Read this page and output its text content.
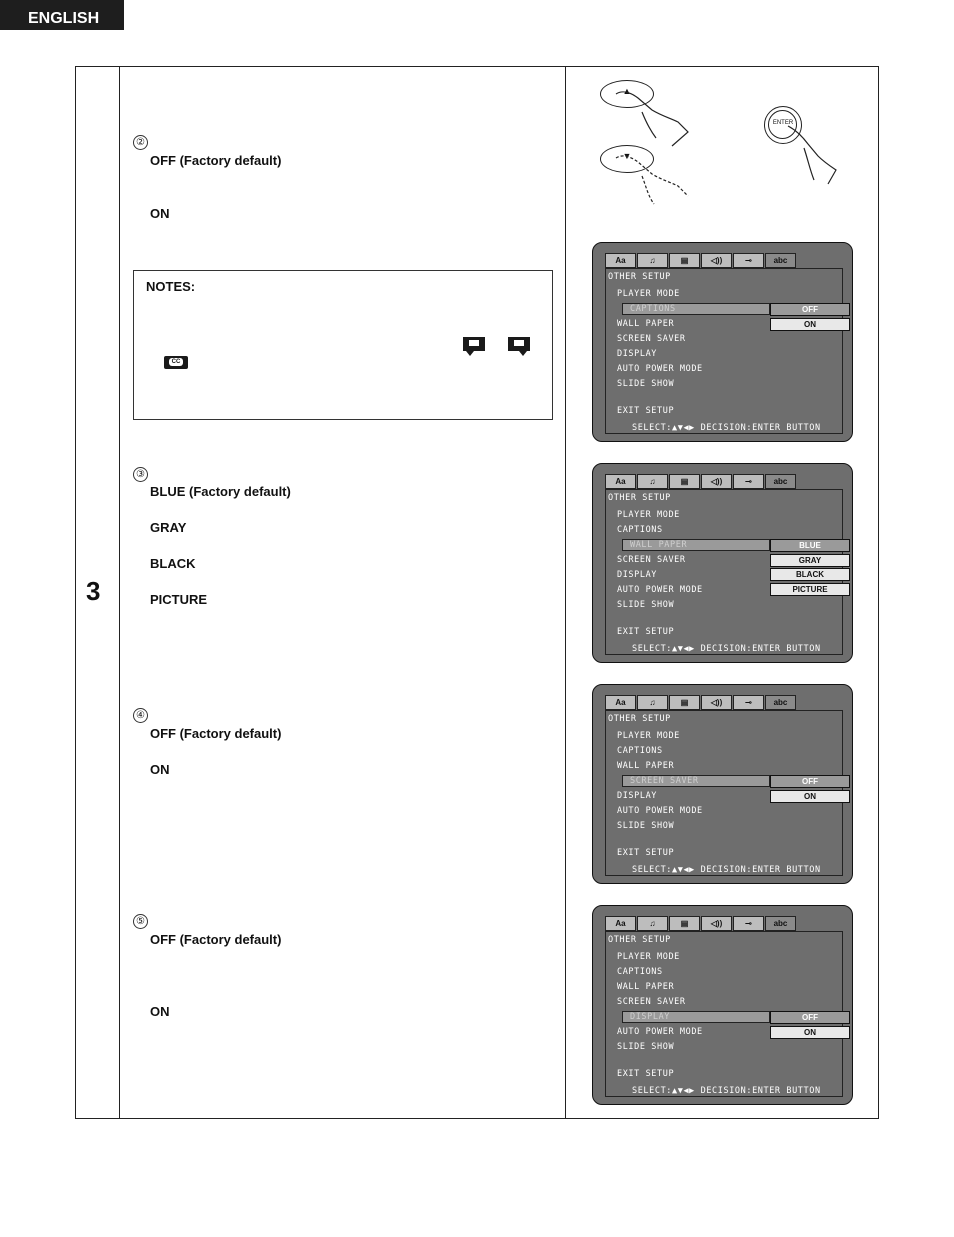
ENGLISH
3
②
OFF (Factory default)
ON
NOTES:
CC
③
BLUE (Factory default)
GRAY
BLACK
PICTURE
④
OFF (Factory default)
ON
⑤
OFF (Factory default)
ON
▲
▼
ENTER
Aa	♫	▤	◁))	⊸	abc
OTHER SETUP
PLAYER MODE
CAPTIONS
WALL PAPER
SCREEN SAVER
DISPLAY
AUTO POWER MODE
SLIDE SHOW
OFF
ON
EXIT SETUP
SELECT:▲▼◀▶ DECISION:ENTER BUTTON
Aa	♫	▤	◁))	⊸	abc
OTHER SETUP
PLAYER MODE
CAPTIONS
WALL PAPER
SCREEN SAVER
DISPLAY
AUTO POWER MODE
SLIDE SHOW
BLUE
GRAY
BLACK
PICTURE
EXIT SETUP
SELECT:▲▼◀▶ DECISION:ENTER BUTTON
Aa	♫	▤	◁))	⊸	abc
OTHER SETUP
PLAYER MODE
CAPTIONS
WALL PAPER
SCREEN SAVER
DISPLAY
AUTO POWER MODE
SLIDE SHOW
OFF
ON
EXIT SETUP
SELECT:▲▼◀▶ DECISION:ENTER BUTTON
Aa	♫	▤	◁))	⊸	abc
OTHER SETUP
PLAYER MODE
CAPTIONS
WALL PAPER
SCREEN SAVER
DISPLAY
AUTO POWER MODE
SLIDE SHOW
OFF
ON
EXIT SETUP
SELECT:▲▼◀▶ DECISION:ENTER BUTTON
